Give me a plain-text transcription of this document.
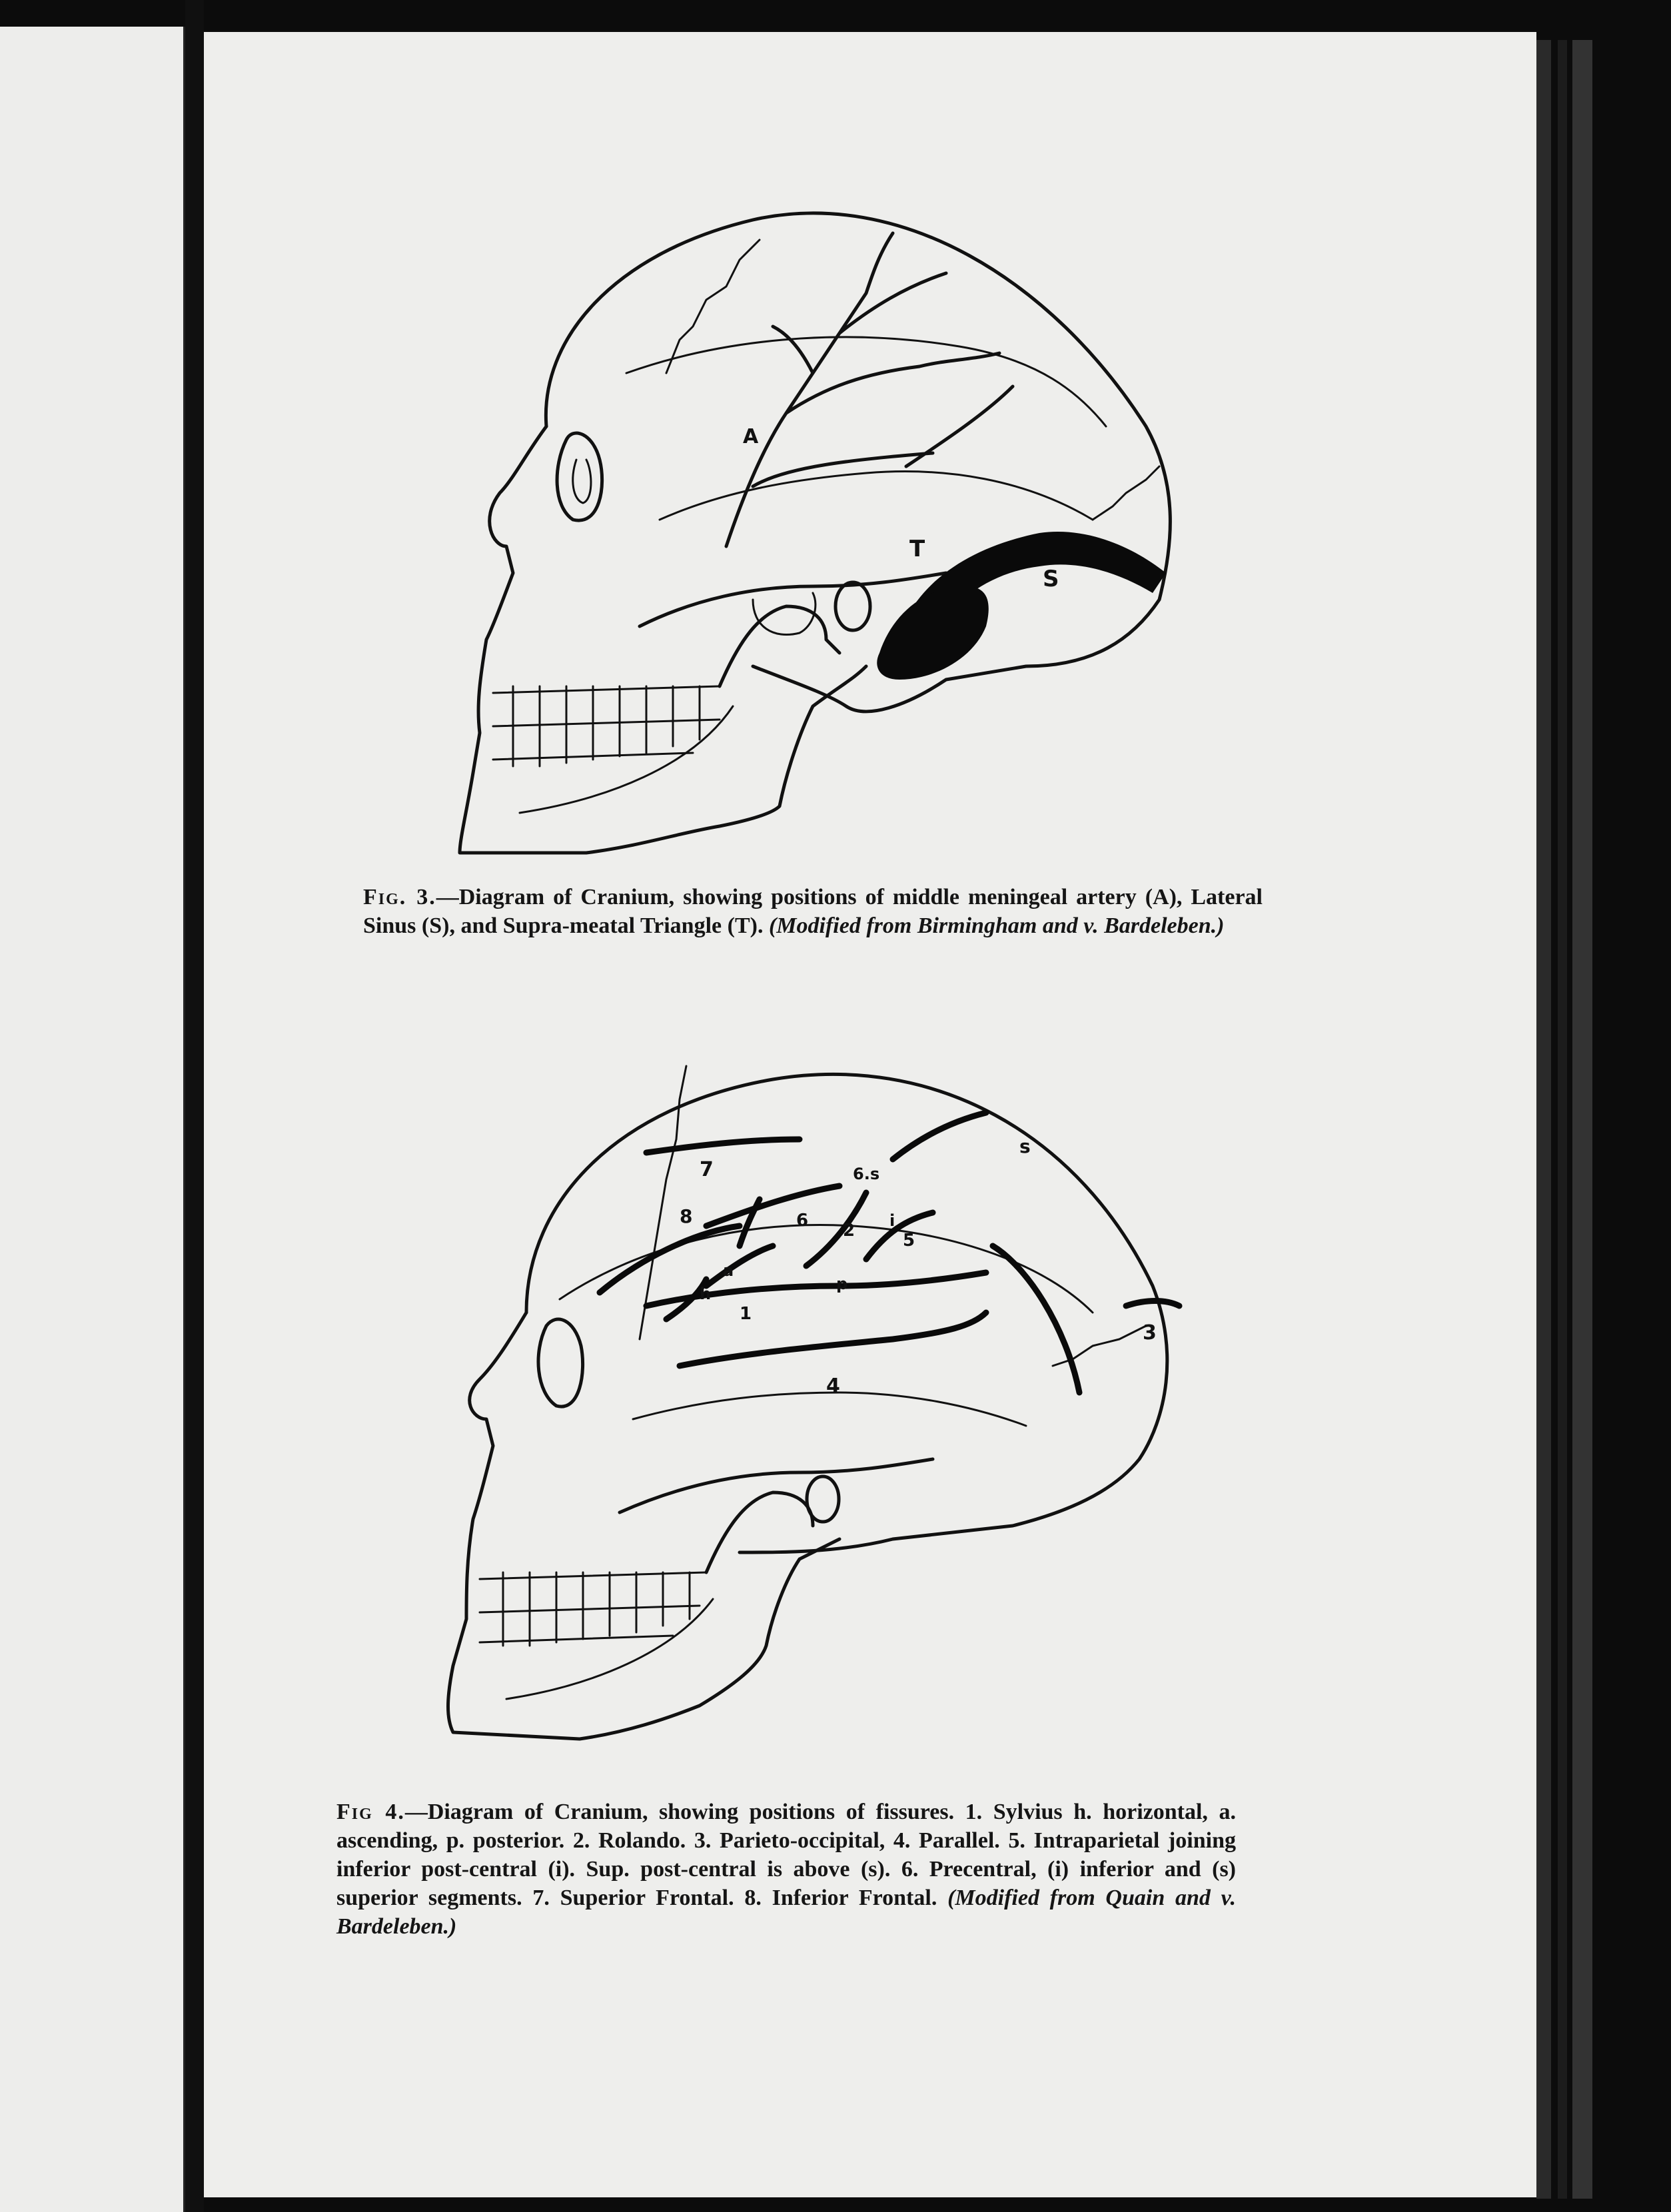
A
T
S

Fig. 3.—Diagram of Cranium, showing positions of middle meningeal artery (A), Lateral Sinus (S), and Supra-meatal Triangle (T). (Modified from Birmingham and v. Bardeleben.)

7	6.s
s
8	6	i
2	5
a
h
p
1
4
3

Fig 4.—Diagram of Cranium, showing positions of fissures. 1. Sylvius h. horizontal, a. ascending, p. posterior. 2. Rolando. 3. Parieto-occipital, 4. Parallel. 5. Intraparietal joining inferior post-central (i). Sup. post-central is above (s). 6. Precentral, (i) inferior and (s) superior segments. 7. Superior Frontal. 8. Inferior Frontal. (Modified from Quain and v. Bardeleben.)
